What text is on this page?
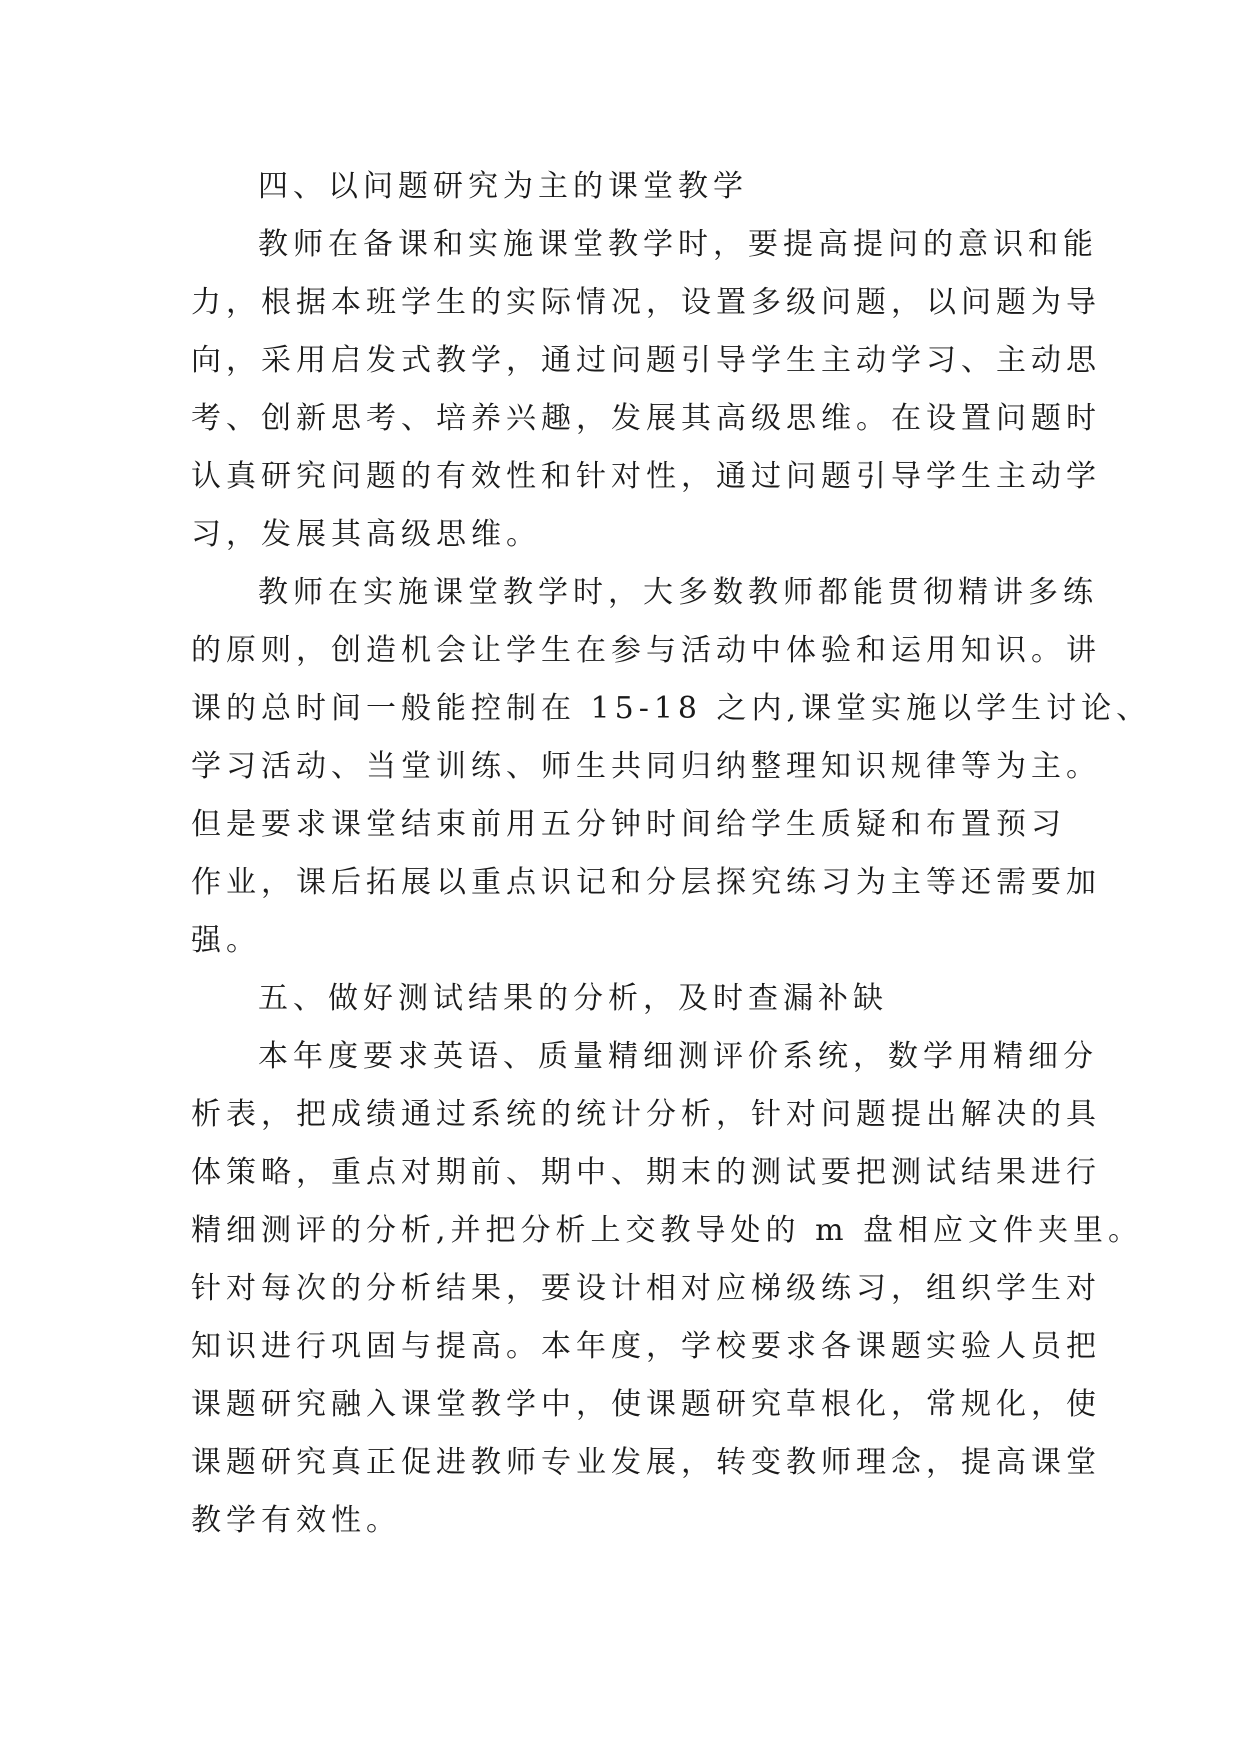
四、以问题研究为主的课堂教学

教师在备课和实施课堂教学时，要提高提问的意识和能
力，根据本班学生的实际情况，设置多级问题，以问题为导
向，采用启发式教学，通过问题引导学生主动学习、主动思
考、创新思考、培养兴趣，发展其高级思维。在设置问题时
认真研究问题的有效性和针对性，通过问题引导学生主动学
习，发展其高级思维。

教师在实施课堂教学时，大多数教师都能贯彻精讲多练
的原则，创造机会让学生在参与活动中体验和运用知识。讲
课的总时间一般能控制在 15-18 之内,课堂实施以学生讨论、
学习活动、当堂训练、师生共同归纳整理知识规律等为主。
但是要求课堂结束前用五分钟时间给学生质疑和布置预习
作业，课后拓展以重点识记和分层探究练习为主等还需要加
强。

五、做好测试结果的分析，及时查漏补缺

本年度要求英语、质量精细测评价系统，数学用精细分
析表，把成绩通过系统的统计分析，针对问题提出解决的具
体策略，重点对期前、期中、期末的测试要把测试结果进行
精细测评的分析,并把分析上交教导处的 m 盘相应文件夹里。
针对每次的分析结果，要设计相对应梯级练习，组织学生对
知识进行巩固与提高。本年度，学校要求各课题实验人员把
课题研究融入课堂教学中，使课题研究草根化，常规化，使
课题研究真正促进教师专业发展，转变教师理念，提高课堂
教学有效性。
